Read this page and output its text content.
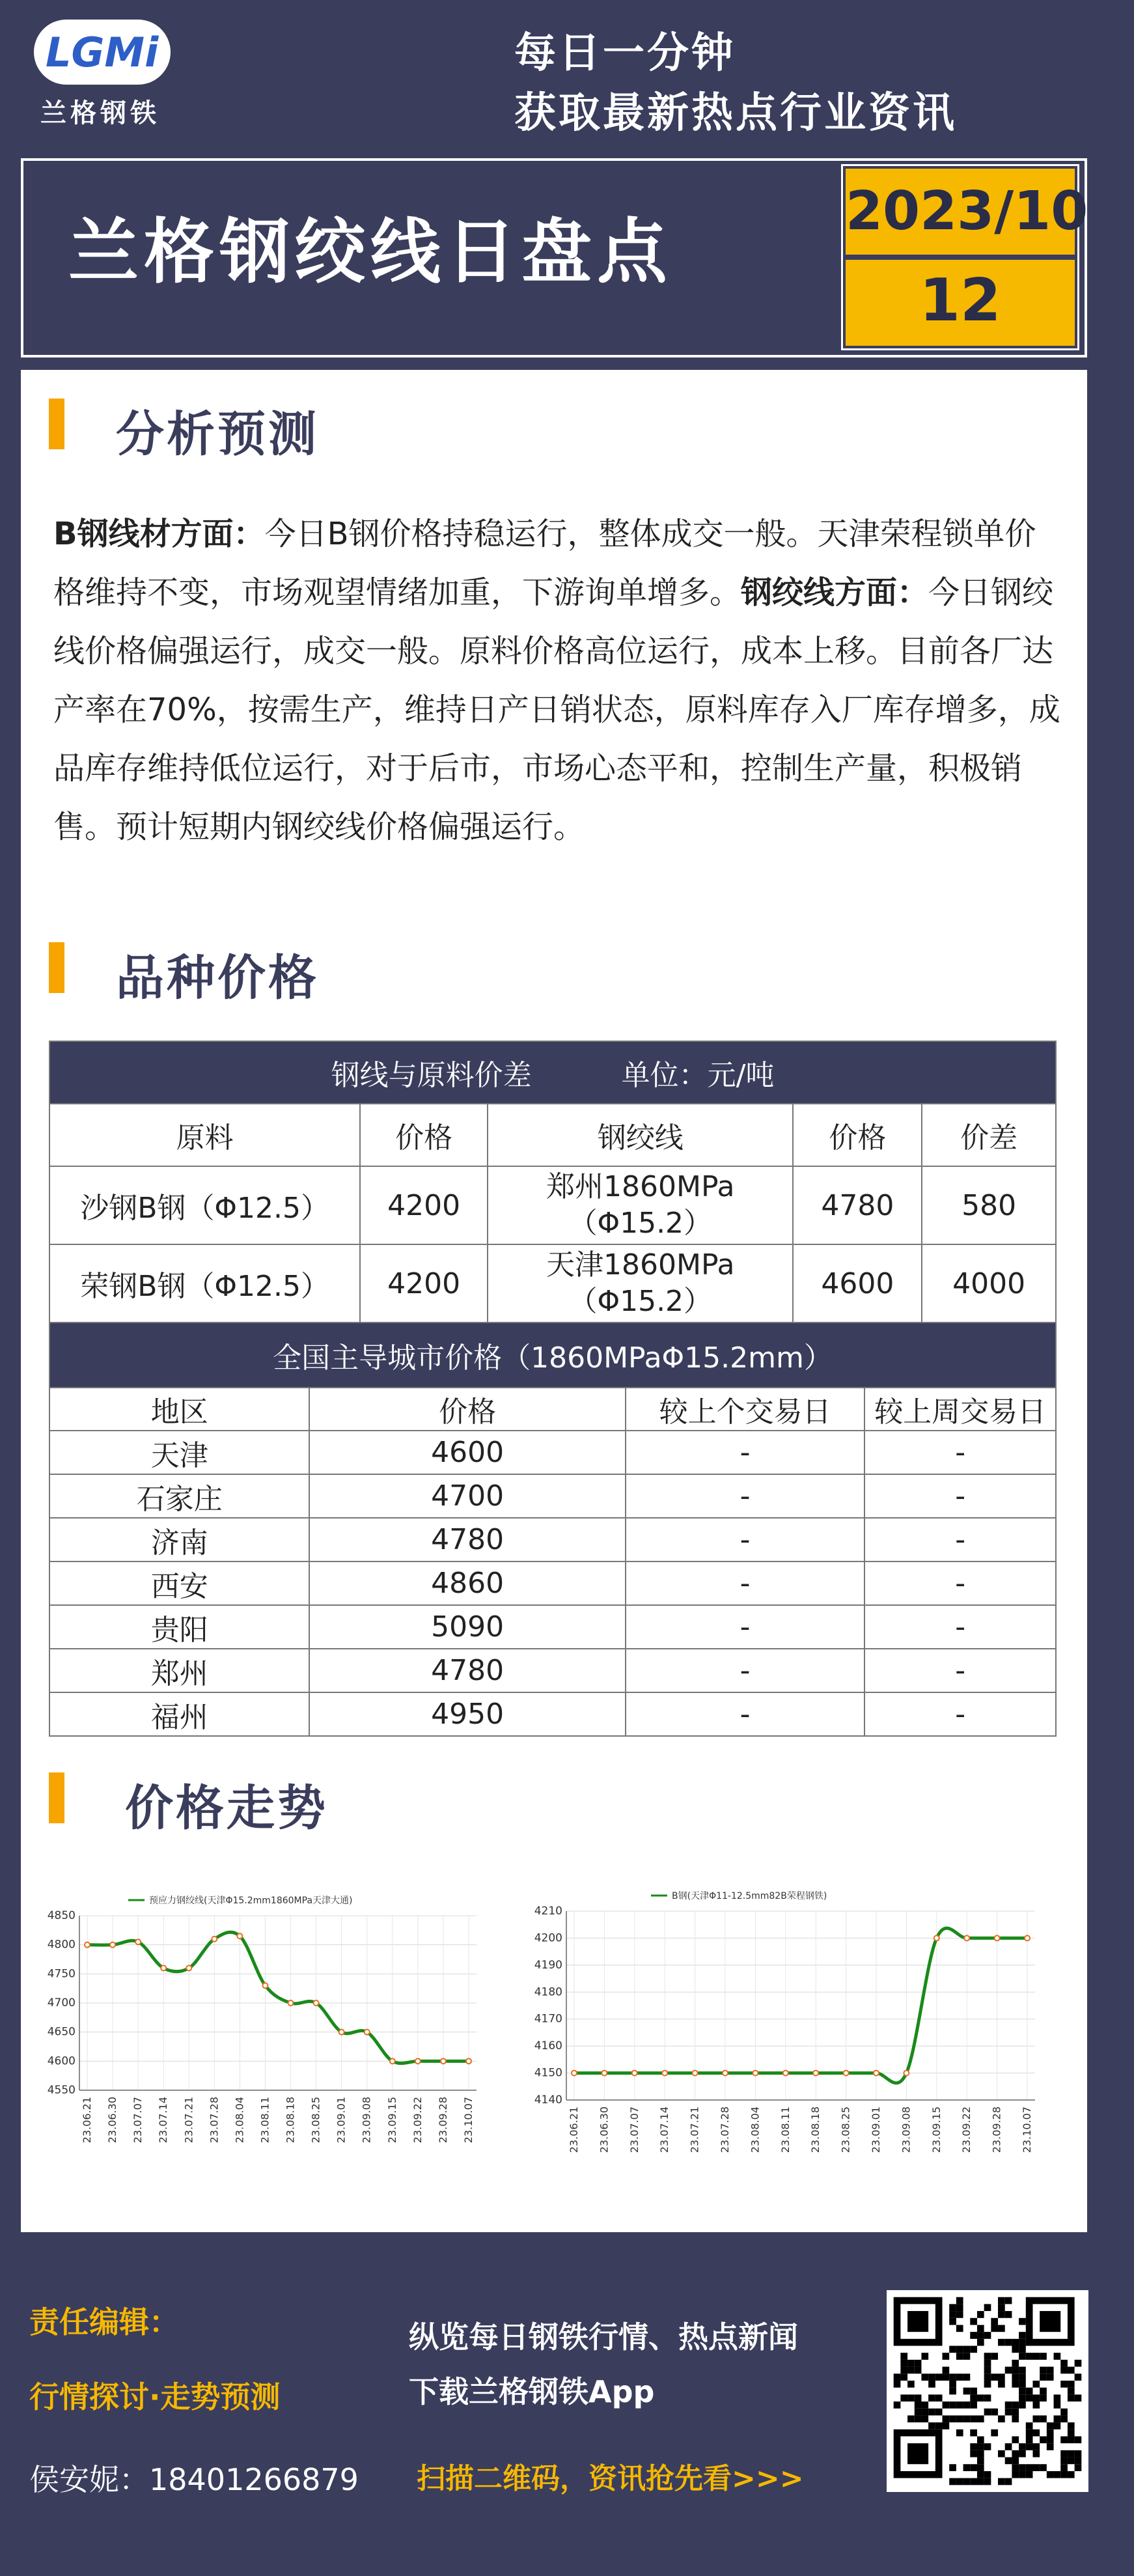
LGMi
兰格钢铁
每日一分钟
获取最新热点行业资讯
兰格钢绞线日盘点
2023/10
12
分析预测
B钢线材方面：今日B钢价格持稳运行，整体成交一般。天津荣程锁单价格维持不变，市场观望情绪加重，下游询单增多。钢绞线方面：今日钢绞线价格偏强运行，成交一般。原料价格高位运行，成本上移。目前各厂达产率在70%，按需生产，维持日产日销状态，原料库存入厂库存增多，成品库存维持低位运行，对于后市，市场心态平和，控制生产量，积极销售。预计短期内钢绞线价格偏强运行。
品种价格
钢线与原料价差 单位：元/吨				
原料	价格	钢绞线	价格	价差
沙钢B钢（Φ12.5）	4200	郑州1860MPa（Φ15.2）	4780	580
荣钢B钢（Φ12.5）	4200	天津1860MPa（Φ15.2）	4600	4000
全国主导城市价格（1860MPaΦ15.2mm）			
地区	价格	较上个交易日	较上周交易日
天津	4600	-	-
石家庄	4700	-	-
济南	4780	-	-
西安	4860	-	-
贵阳	5090	-	-
郑州	4780	-	-
福州	4950	-	-
价格走势
预应力钢绞线(天津Φ15.2mm1860MPa天津大通)
4550
4600
4650
4700
4750
4800
4850
23.06.21 23.06.30 23.07.07 23.07.14 23.07.21 23.07.28 23.08.04 23.08.11 23.08.18 23.08.25 23.09.01 23.09.08 23.09.15 23.09.22 23.09.28 23.10.07
B钢(天津Φ11-12.5mm82B荣程钢铁)
4140
4150
4160
4170
4180
4190
4200
4210
23.06.21 23.06.30 23.07.07 23.07.14 23.07.21 23.07.28 23.08.04 23.08.11 23.08.18 23.08.25 23.09.01 23.09.08 23.09.15 23.09.22 23.09.28 23.10.07
责任编辑：
行情探讨·走势预测
侯安妮：18401266879
纵览每日钢铁行情、热点新闻
下载兰格钢铁App
扫描二维码，资讯抢先看>>>
